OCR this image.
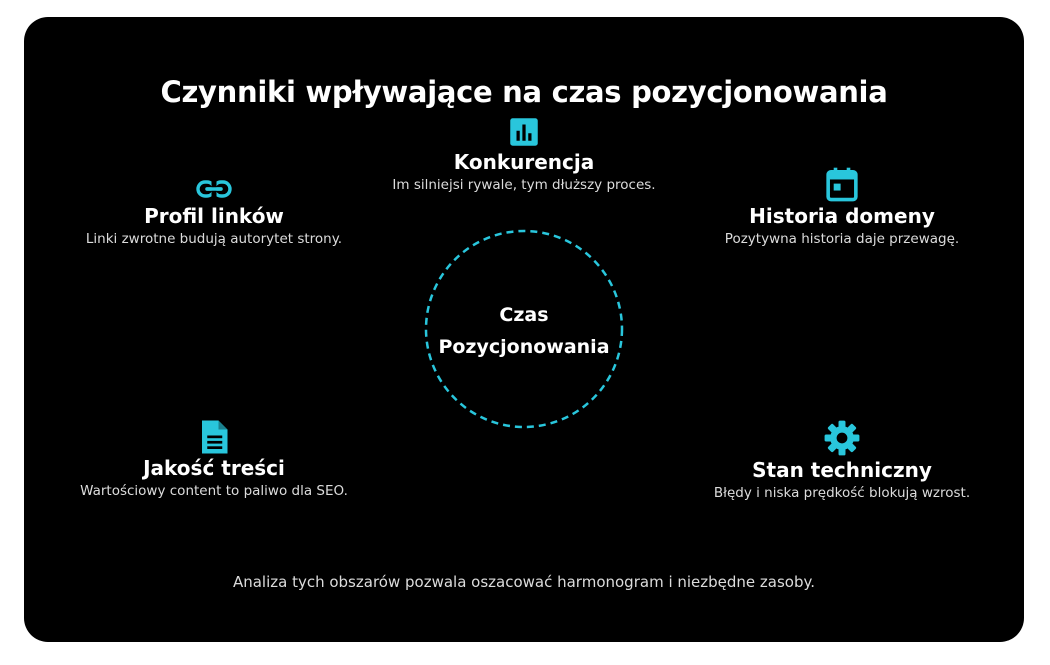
Czynniki wpływające na czas pozycjonowania
Konkurencja
Im silniejsi rywale, tym dłuższy proces.
Profil linków
Linki zwrotne budują autorytet strony.
Historia domeny
Pozytywna historia daje przewagę.
Jakość treści
Wartościowy content to paliwo dla SEO.
Stan techniczny
Błędy i niska prędkość blokują wzrost.
Czas
Pozycjonowania
Analiza tych obszarów pozwala oszacować harmonogram i niezbędne zasoby.
